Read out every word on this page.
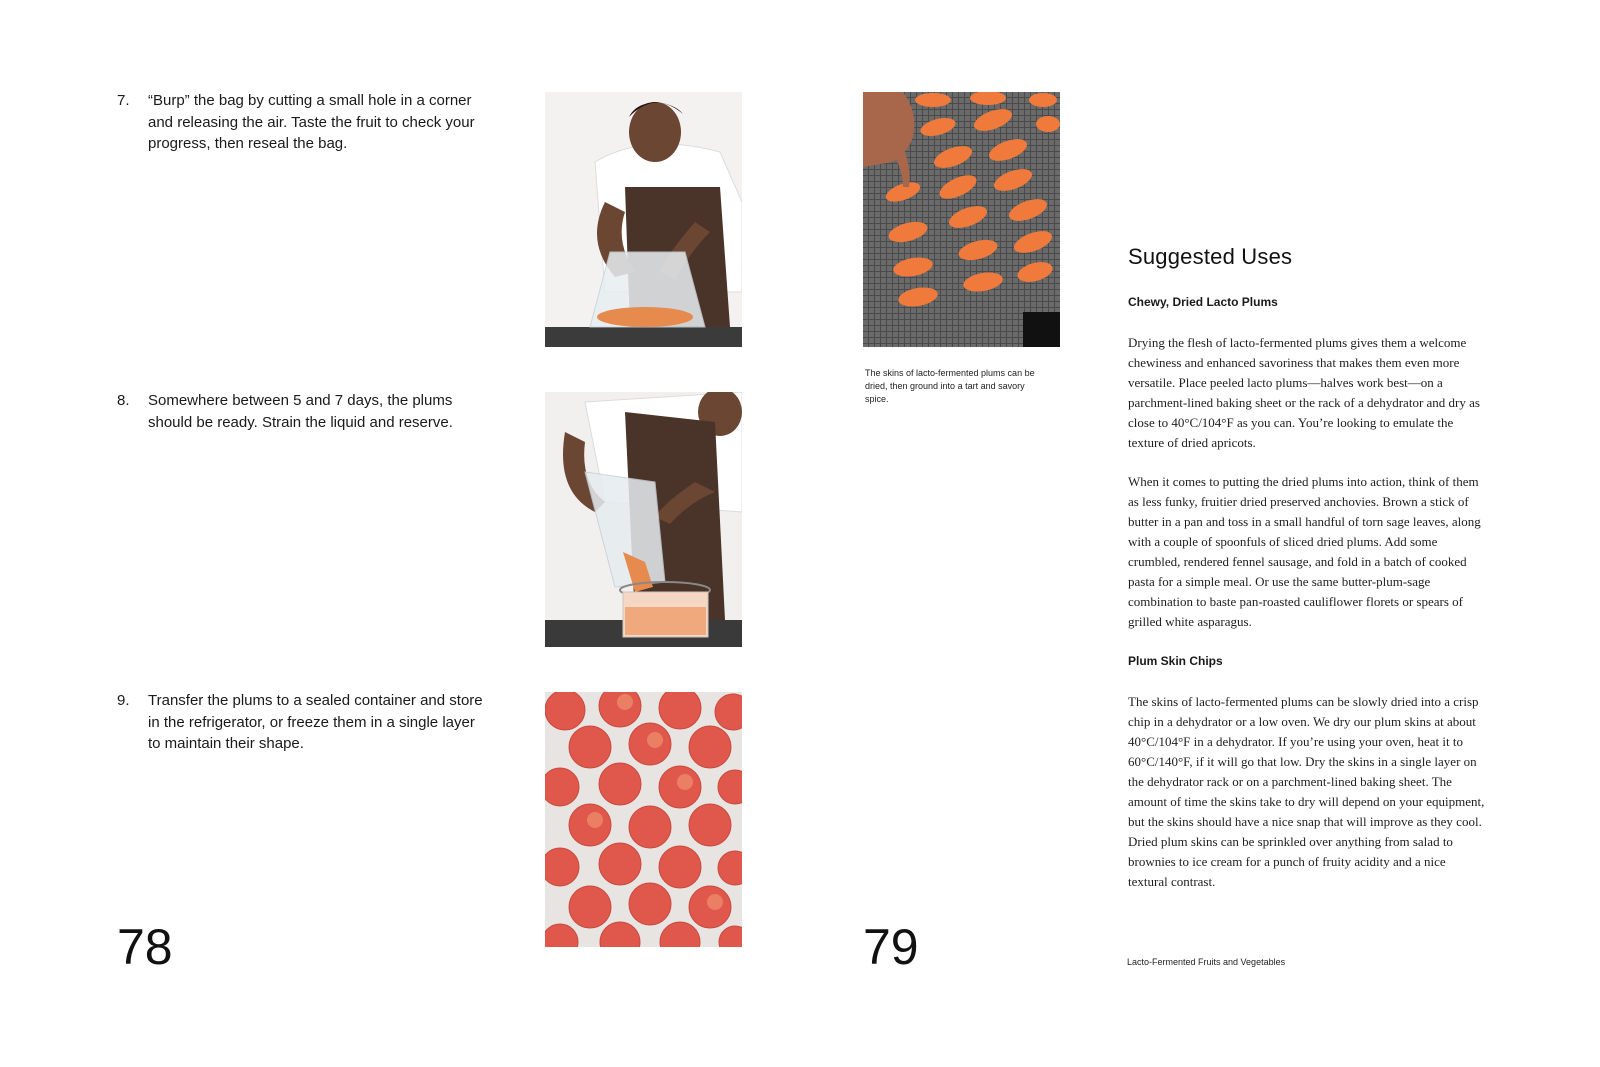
7.	“Burp” the bag by cutting a small hole in a corner and releasing the air. Taste the fruit to check your progress, then reseal the bag.
8.	Somewhere between 5 and 7 days, the plums should be ready. Strain the liquid and reserve.
9.	Transfer the plums to a sealed container and store in the refrigerator, or freeze them in a single layer to maintain their shape.
78
The skins of lacto-fermented plums can be dried, then ground into a tart and savory spice.
79
Suggested Uses
Chewy, Dried Lacto Plums
Drying the flesh of lacto-fermented plums gives them a welcome chewiness and enhanced savoriness that makes them even more versatile. Place peeled lacto plums—halves work best—on a parchment-lined baking sheet or the rack of a dehydrator and dry as close to 40°C/104°F as you can. You’re looking to emulate the texture of dried apricots.
When it comes to putting the dried plums into action, think of them as less funky, fruitier dried preserved anchovies. Brown a stick of butter in a pan and toss in a small handful of torn sage leaves, along with a couple of spoonfuls of sliced dried plums. Add some crumbled, rendered fennel sausage, and fold in a batch of cooked pasta for a simple meal. Or use the same butter-plum-sage combination to baste pan-roasted cauliflower florets or spears of grilled white asparagus.
Plum Skin Chips
The skins of lacto-fermented plums can be slowly dried into a crisp chip in a dehydrator or a low oven. We dry our plum skins at about 40°C/104°F in a dehydrator. If you’re using your oven, heat it to 60°C/140°F, if it will go that low. Dry the skins in a single layer on the dehydrator rack or on a parchment-lined baking sheet. The amount of time the skins take to dry will depend on your equipment, but the skins should have a nice snap that will improve as they cool. Dried plum skins can be sprinkled over anything from salad to brownies to ice cream for a punch of fruity acidity and a nice textural contrast.
Lacto-Fermented Fruits and Vegetables
